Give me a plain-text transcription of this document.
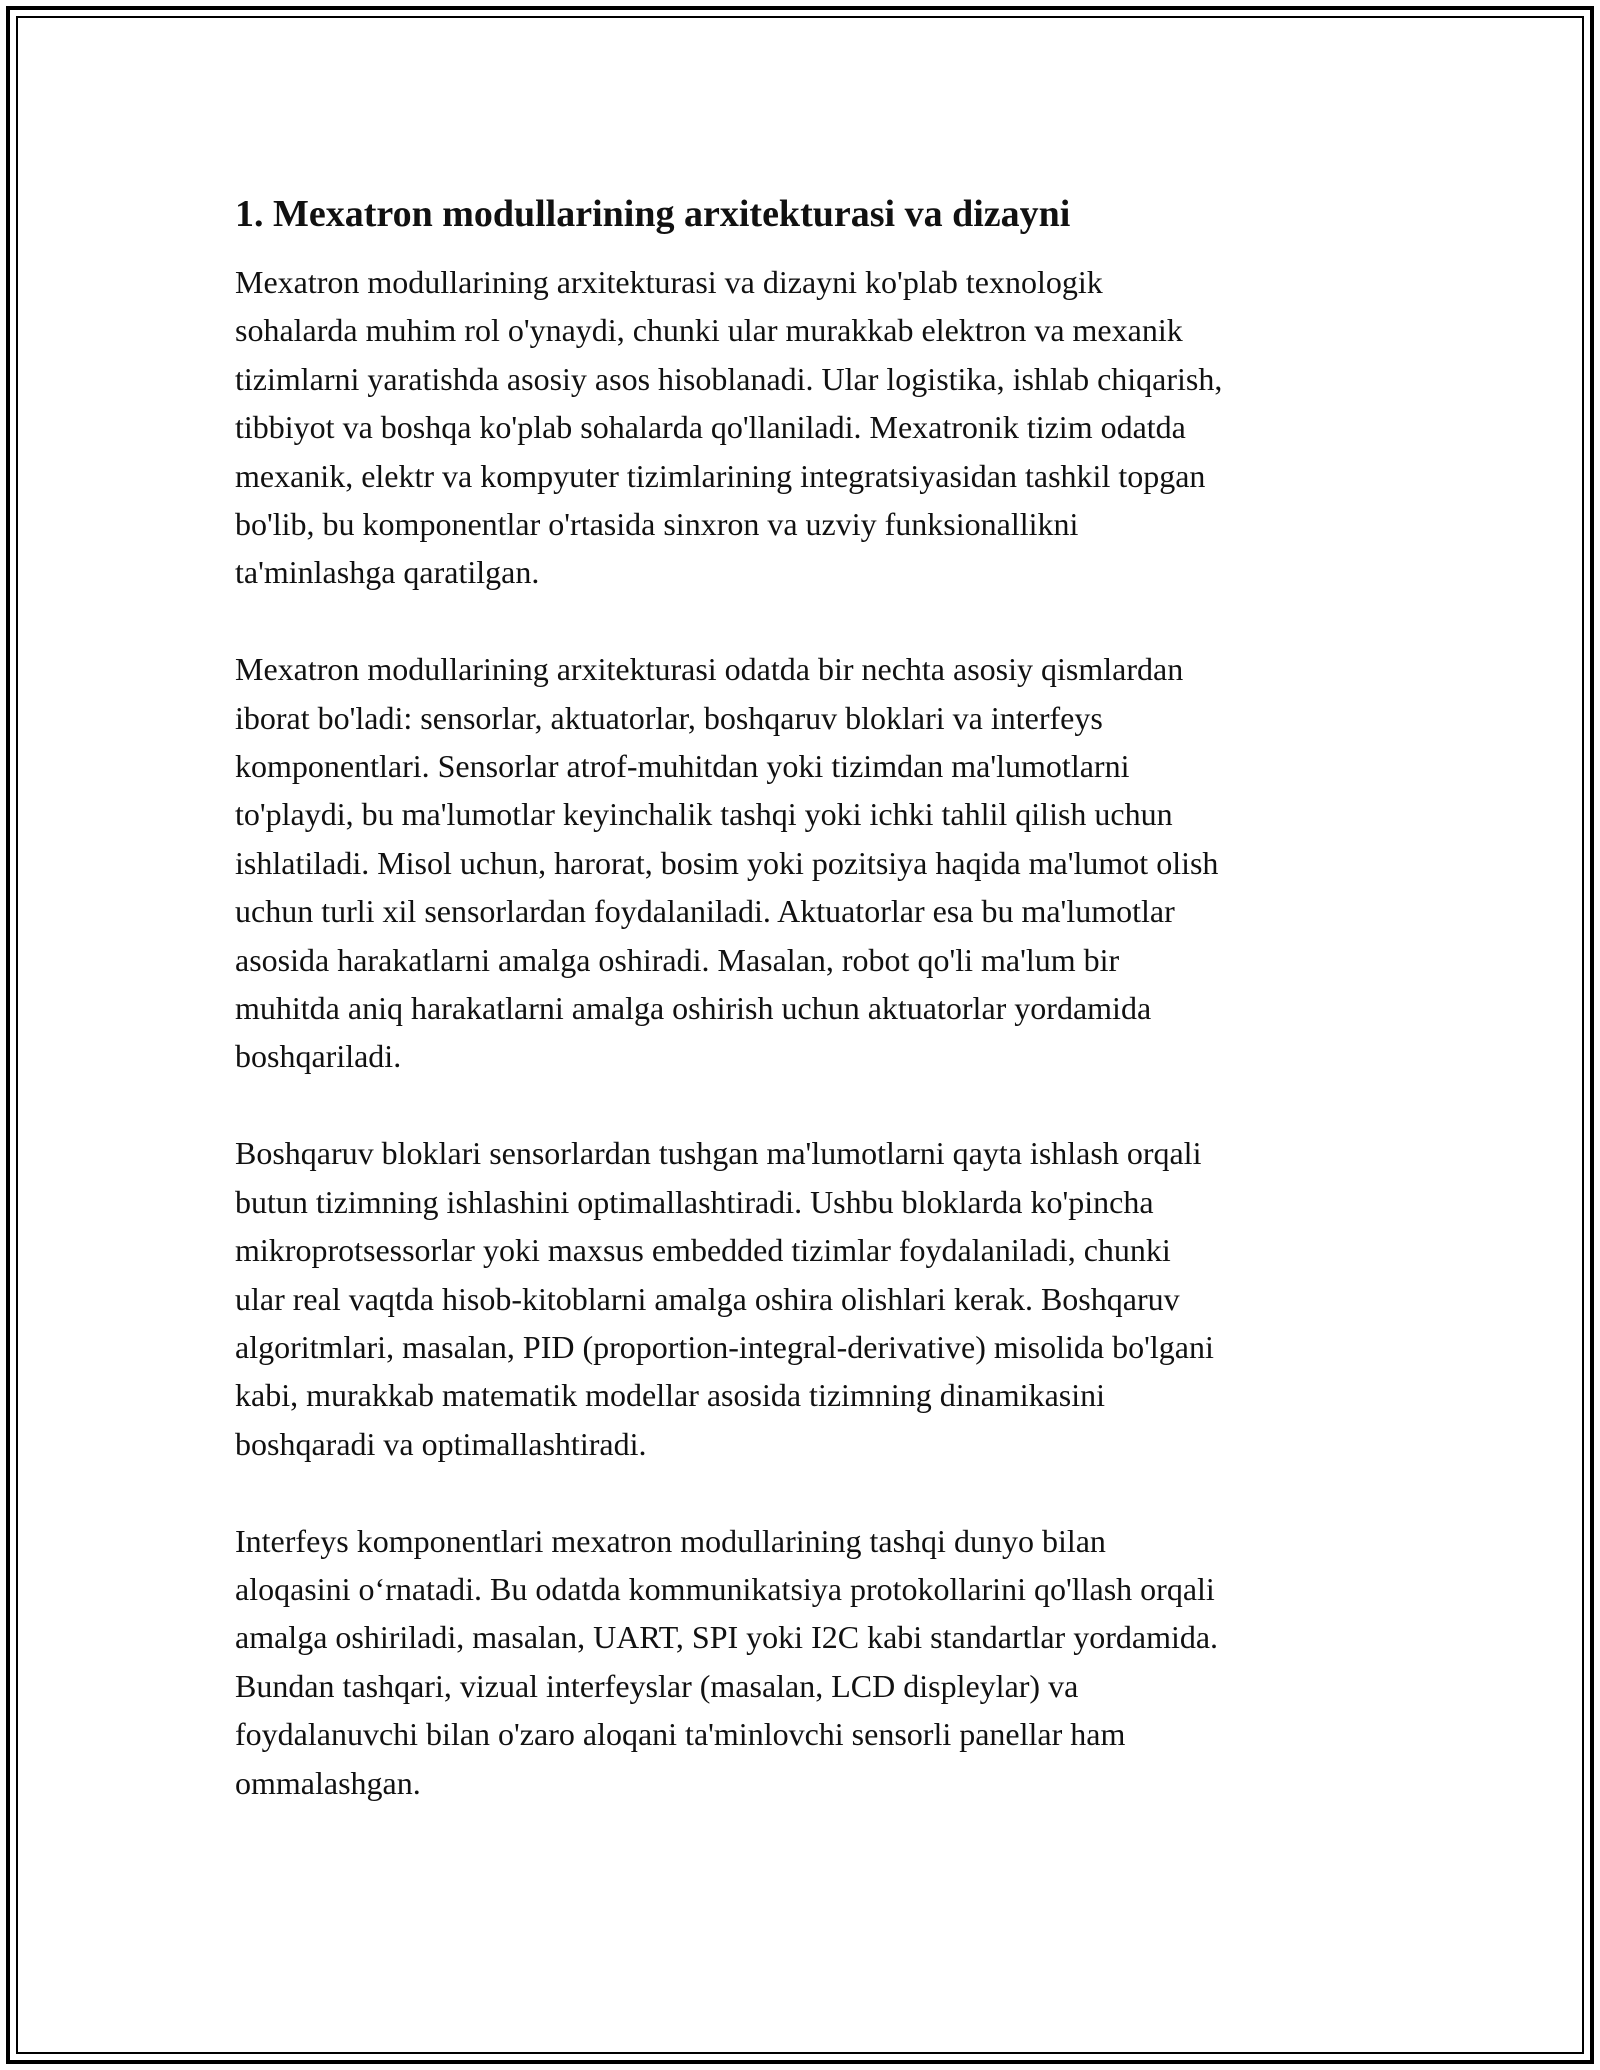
1. Mexatron modullarining arxitekturasi va dizayni

Mexatron modullarining arxitekturasi va dizayni ko'plab texnologik
sohalarda muhim rol o'ynaydi, chunki ular murakkab elektron va mexanik
tizimlarni yaratishda asosiy asos hisoblanadi. Ular logistika, ishlab chiqarish,
tibbiyot va boshqa ko'plab sohalarda qo'llaniladi. Mexatronik tizim odatda
mexanik, elektr va kompyuter tizimlarining integratsiyasidan tashkil topgan
bo'lib, bu komponentlar o'rtasida sinxron va uzviy funksionallikni
ta'minlashga qaratilgan.

Mexatron modullarining arxitekturasi odatda bir nechta asosiy qismlardan
iborat bo'ladi: sensorlar, aktuatorlar, boshqaruv bloklari va interfeys
komponentlari. Sensorlar atrof-muhitdan yoki tizimdan ma'lumotlarni
to'playdi, bu ma'lumotlar keyinchalik tashqi yoki ichki tahlil qilish uchun
ishlatiladi. Misol uchun, harorat, bosim yoki pozitsiya haqida ma'lumot olish
uchun turli xil sensorlardan foydalaniladi. Aktuatorlar esa bu ma'lumotlar
asosida harakatlarni amalga oshiradi. Masalan, robot qo'li ma'lum bir
muhitda aniq harakatlarni amalga oshirish uchun aktuatorlar yordamida
boshqariladi.

Boshqaruv bloklari sensorlardan tushgan ma'lumotlarni qayta ishlash orqali
butun tizimning ishlashini optimallashtiradi. Ushbu bloklarda ko'pincha
mikroprotsessorlar yoki maxsus embedded tizimlar foydalaniladi, chunki
ular real vaqtda hisob-kitoblarni amalga oshira olishlari kerak. Boshqaruv
algoritmlari, masalan, PID (proportion-integral-derivative) misolida bo'lgani
kabi, murakkab matematik modellar asosida tizimning dinamikasini
boshqaradi va optimallashtiradi.

Interfeys komponentlari mexatron modullarining tashqi dunyo bilan
aloqasini o‘rnatadi. Bu odatda kommunikatsiya protokollarini qo'llash orqali
amalga oshiriladi, masalan, UART, SPI yoki I2C kabi standartlar yordamida.
Bundan tashqari, vizual interfeyslar (masalan, LCD displeylar) va
foydalanuvchi bilan o'zaro aloqani ta'minlovchi sensorli panellar ham
ommalashgan.
